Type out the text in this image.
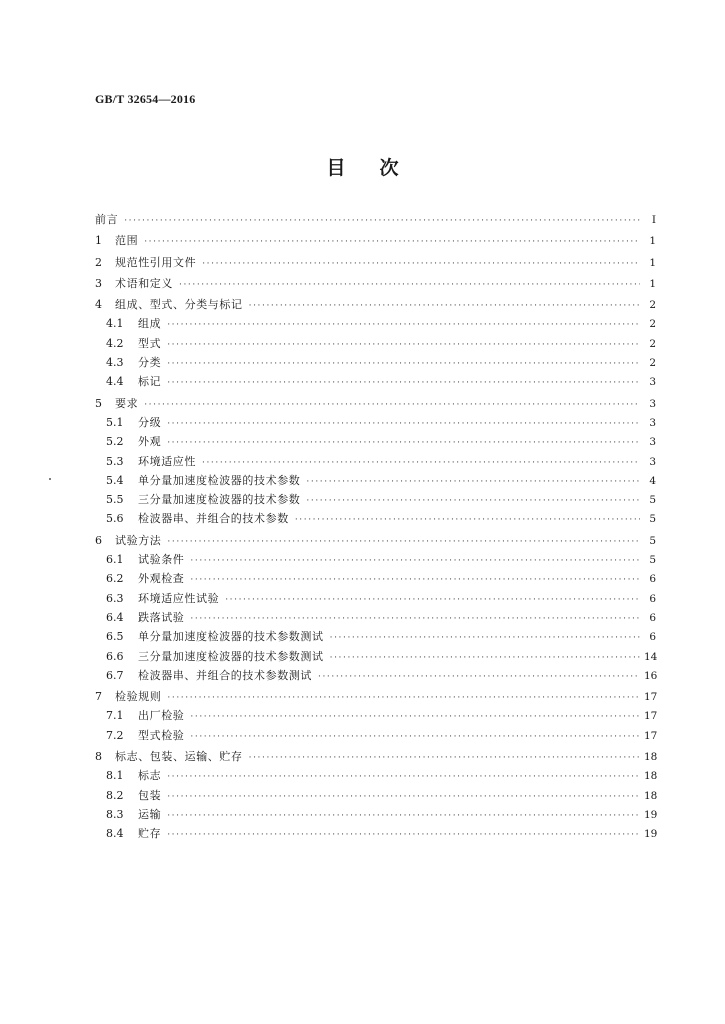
GB/T 32654—2016
目 次
前言 ·····	Ⅰ
1	范围 ·····	1
2	规范性引用文件 ·····	1
3	术语和定义 ·····	1
4	组成、型式、分类与标记 ·····	2
4.1	组成 ·····	2
4.2	型式 ·····	2
4.3	分类 ·····	2
4.4	标记 ·····	3
5	要求 ·····	3
5.1	分级 ·····	3
5.2	外观 ·····	3
5.3	环境适应性 ·····	3
5.4	单分量加速度检波器的技术参数 ·····	4
5.5	三分量加速度检波器的技术参数 ·····	5
5.6	检波器串、并组合的技术参数 ·····	5
6	试验方法 ·····	5
6.1	试验条件 ·····	5
6.2	外观检查 ·····	6
6.3	环境适应性试验 ·····	6
6.4	跌落试验 ·····	6
6.5	单分量加速度检波器的技术参数测试 ·····	6
6.6	三分量加速度检波器的技术参数测试 ·····	14
6.7	检波器串、并组合的技术参数测试 ·····	16
7	检验规则 ·····	17
7.1	出厂检验 ·····	17
7.2	型式检验 ·····	17
8	标志、包装、运输、贮存 ·····	18
8.1	标志 ·····	18
8.2	包装 ·····	18
8.3	运输 ·····	19
8.4	贮存 ·····	19
